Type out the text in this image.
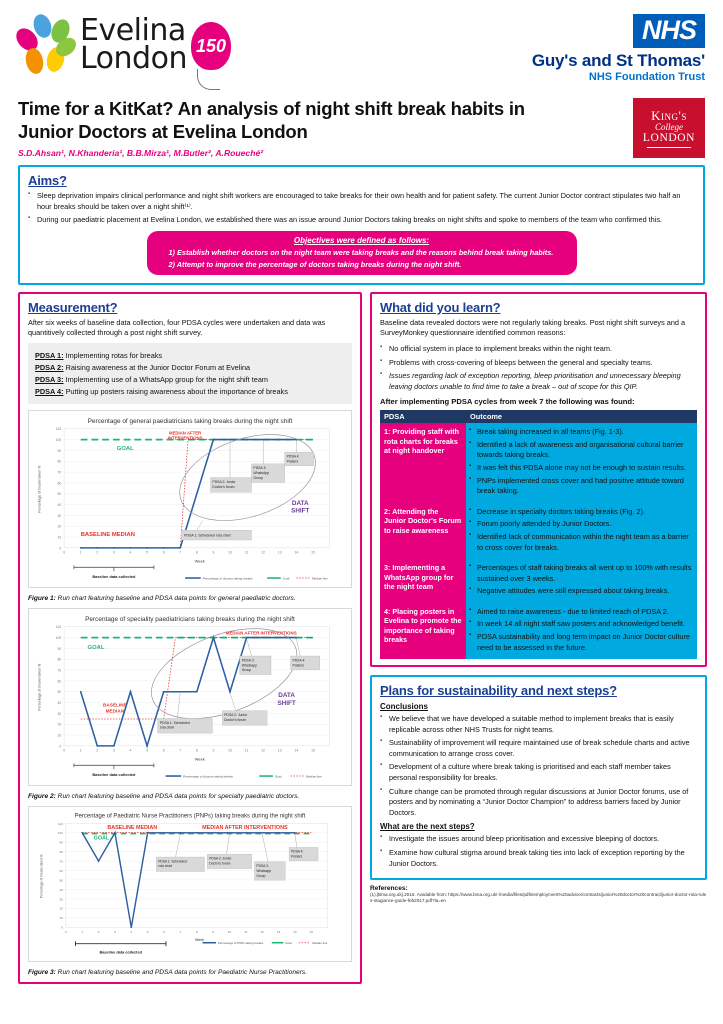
Evelina
London 150
NHS
Guy's and St Thomas'
NHS Foundation Trust
Time for a KitKat? An analysis of night shift break habits in Junior Doctors at Evelina London
S.D.Ahsan¹, N.Khanderia¹, B.B.Mirza¹, M.Butler², A.Roueché²
King's
College
LONDON
Aims?
▪ Sleep deprivation impairs clinical performance and night shift workers are encouraged to take breaks for their own health and for patient safety. The current Junior Doctor contract stipulates two half an hour breaks should be taken over a night shift⁽¹⁾.
▪ During our paediatric placement at Evelina London, we established there was an issue around Junior Doctors taking breaks on night shifts and spoke to members of the team who confirmed this.
Objectives were defined as follows:
1) Establish whether doctors on the night team were taking breaks and the reasons behind break taking habits.
2) Attempt to improve the percentage of doctors taking breaks during the night shift.
Measurement?

After six weeks of baseline data collection, four PDSA cycles were undertaken and data was quantitively collected through a post night shift survey.

PDSA 1: Implementing rotas for breaks
PDSA 2: Raising awareness at the Junior Doctor Forum at Evelina
PDSA 3: Implementing use of a WhatsApp group for the night shift team
PDSA 4: Putting up posters raising awareness about the importance of breaks
Percentage of general paediatricians taking breaks during the night shift
110
100
90
80
70
60
50
40
30
20
10
0
Percentage of breaks taken %
0	1	2	3	4	5	6	7	8	9	10	11	12	13	14	15
Week
GOAL
BASELINE MEDIAN
MEDIAN AFTER
INTERVENTIONS
DATA
SHIFT
PDSA 1: Scheduled rota chart
PDSA 2: Junior
Doctor's forum
PDSA 3:
WhatsApp
Group
PDSA 4:
Posters
Baseline data collected	Percentage of doctors taking breaks	Goal	Median line
Figure 1: Run chart featuring baseline and PDSA data points for general paediatric doctors.
Percentage of speciality paediatricians taking breaks during the night shift
110
100
90
80
70
60
50
40
30
20
10
0
Percentage of breaks taken %
0	1	2	3	4	5	6	7	8	9	10	11	12	13	14	15
Week
GOAL
BASELINE
MEDIAN
MEDIAN AFTER INTERVENTIONS
DATA
SHIFT
PDSA 1: Scheduled
rota chart
PDSA 2: Junior
Doctor's forum
PDSA 3:
Whatsapp
Group
PDSA 4:
Posters
Baseline data collected	Percentage of doctors taking breaks	Goal	Median line
Figure 2: Run chart featuring baseline and PDSA data points for specialty paediatric doctors.
Percentage of Paediatric Nurse Practitioners (PNPs) taking breaks during the night shift
110
100
90
80
70
60
50
40
30
20
10
0
Percentage of breaks taken %
0	1	2	3	4	5	6	7	8	9	10	11	12	13	14	15
Week
BASELINE MEDIAN	MEDIAN AFTER INTERVENTIONS
GOAL
PDSA 1: Scheduled
rota chart
PDSA 2: Junior
Doctor's forum
PDSA 3:
Whatsapp
Group
PDSA 4:
Posters
Baseline data collected
Percentage of PNPs taking breaks	Goal	Median line
Figure 3: Run chart featuring baseline and PDSA data points for Paediatric Nurse Practitioners.
What did you learn?

Baseline data revealed doctors were not regularly taking breaks. Post night shift surveys and a SurveyMonkey questionnaire identified common reasons:

▪ No official system in place to implement breaks within the night team.
▪ Problems with cross-covering of bleeps between the general and specialty teams.
▪ Issues regarding lack of exception reporting, bleep prioritisation and unnecessary bleeping leaving doctors unable to find time to take a break – out of scope for this QIP.
After implementing PDSA cycles from week 7 the following was found:
PDSA	Outcome
1: Providing staff with rota charts for breaks at night handover	
▪ Break taking increased in all teams (Fig. 1-3).
▪ Identified a lack of awareness and organisational cultural barrier towards taking breaks.
▪ It was felt this PDSA alone may not be enough to sustain results.
▪ PNPs implemented cross cover and had positive attitude toward break taking.

2: Attending the Junior Doctor's Forum to raise awareness	
▪ Decrease in specialty doctors taking breaks (Fig. 2).
▪ Forum poorly attended by Junior Doctors.
▪ Identified lack of communication within the night team as a barrier to cross cover for breaks.

3: Implementing a WhatsApp group for the night team	
▪ Percentages of staff taking breaks all went up to 100% with results sustained over 3 weeks.
▪ Negative attitudes were still expressed about taking breaks.

4: Placing posters in Evelina to promote the importance of taking breaks	
▪ Aimed to raise awareness - due to limited reach of PDSA 2.
▪ In week 14 all night staff saw posters and acknowledged benefit.
▪ PDSA sustainability and long term impact on Junior Doctor culture need to be assessed in the future.
Plans for sustainability and next steps?
Conclusions
▪ We believe that we have developed a suitable method to implement breaks that is easily replicable across other NHS Trusts for night teams.
▪ Sustainability of improvement will require maintained use of break schedule charts and active communication to arrange cross cover.
▪ Development of a culture where break taking is prioritised and each staff member takes personal responsibility for breaks.
▪ Culture change can be promoted through regular discussions at Junior Doctor forums, use of posters and by nominating a “Junior Doctor Champion” to address barriers faced by Junior Doctors.
What are the next steps?
▪ Investigate the issues around bleep prioritisation and excessive bleeping of doctors.
▪ Examine how cultural stigma around break taking ties into lack of exception reporting by the Junior Doctors.
References:
(1).[Bma.org.uk].2016. Available from: https://www.bma.org.uk/-/media/files/pdfs/employment%20advice/contracts/junior%20doctor%20contract/junior-doctor-rota-rules-stagiance-guide-feb2017.pdf?la=en
